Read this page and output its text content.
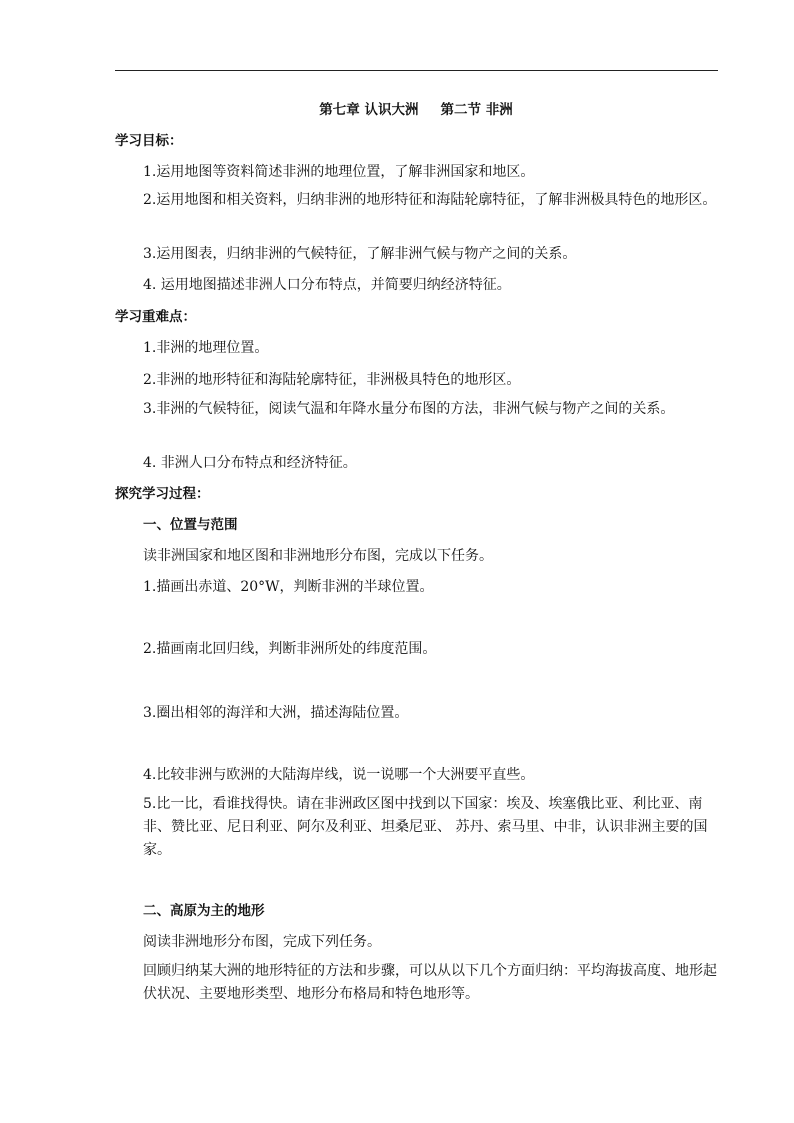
第七章 认识大洲 第二节 非洲
学习目标：
1.运用地图等资料简述非洲的地理位置，了解非洲国家和地区。
2.运用地图和相关资料，归纳非洲的地形特征和海陆轮廓特征，了解非洲极具特色的地形区。
3.运用图表，归纳非洲的气候特征，了解非洲气候与物产之间的关系。
4. 运用地图描述非洲人口分布特点，并简要归纳经济特征。
学习重难点：
1.非洲的地理位置。
2.非洲的地形特征和海陆轮廓特征，非洲极具特色的地形区。
3.非洲的气候特征，阅读气温和年降水量分布图的方法，非洲气候与物产之间的关系。
4. 非洲人口分布特点和经济特征。
探究学习过程：
一、位置与范围
读非洲国家和地区图和非洲地形分布图，完成以下任务。
1.描画出赤道、20°W，判断非洲的半球位置。
2.描画南北回归线，判断非洲所处的纬度范围。
3.圈出相邻的海洋和大洲，描述海陆位置。
4.比较非洲与欧洲的大陆海岸线，说一说哪一个大洲要平直些。
5.比一比，看谁找得快。请在非洲政区图中找到以下国家：埃及、埃塞俄比亚、利比亚、南非、赞比亚、尼日利亚、阿尔及利亚、坦桑尼亚、 苏丹、索马里、中非，认识非洲主要的国家。
二、高原为主的地形
阅读非洲地形分布图，完成下列任务。
回顾归纳某大洲的地形特征的方法和步骤，可以从以下几个方面归纳：平均海拔高度、地形起伏状况、主要地形类型、地形分布格局和特色地形等。
